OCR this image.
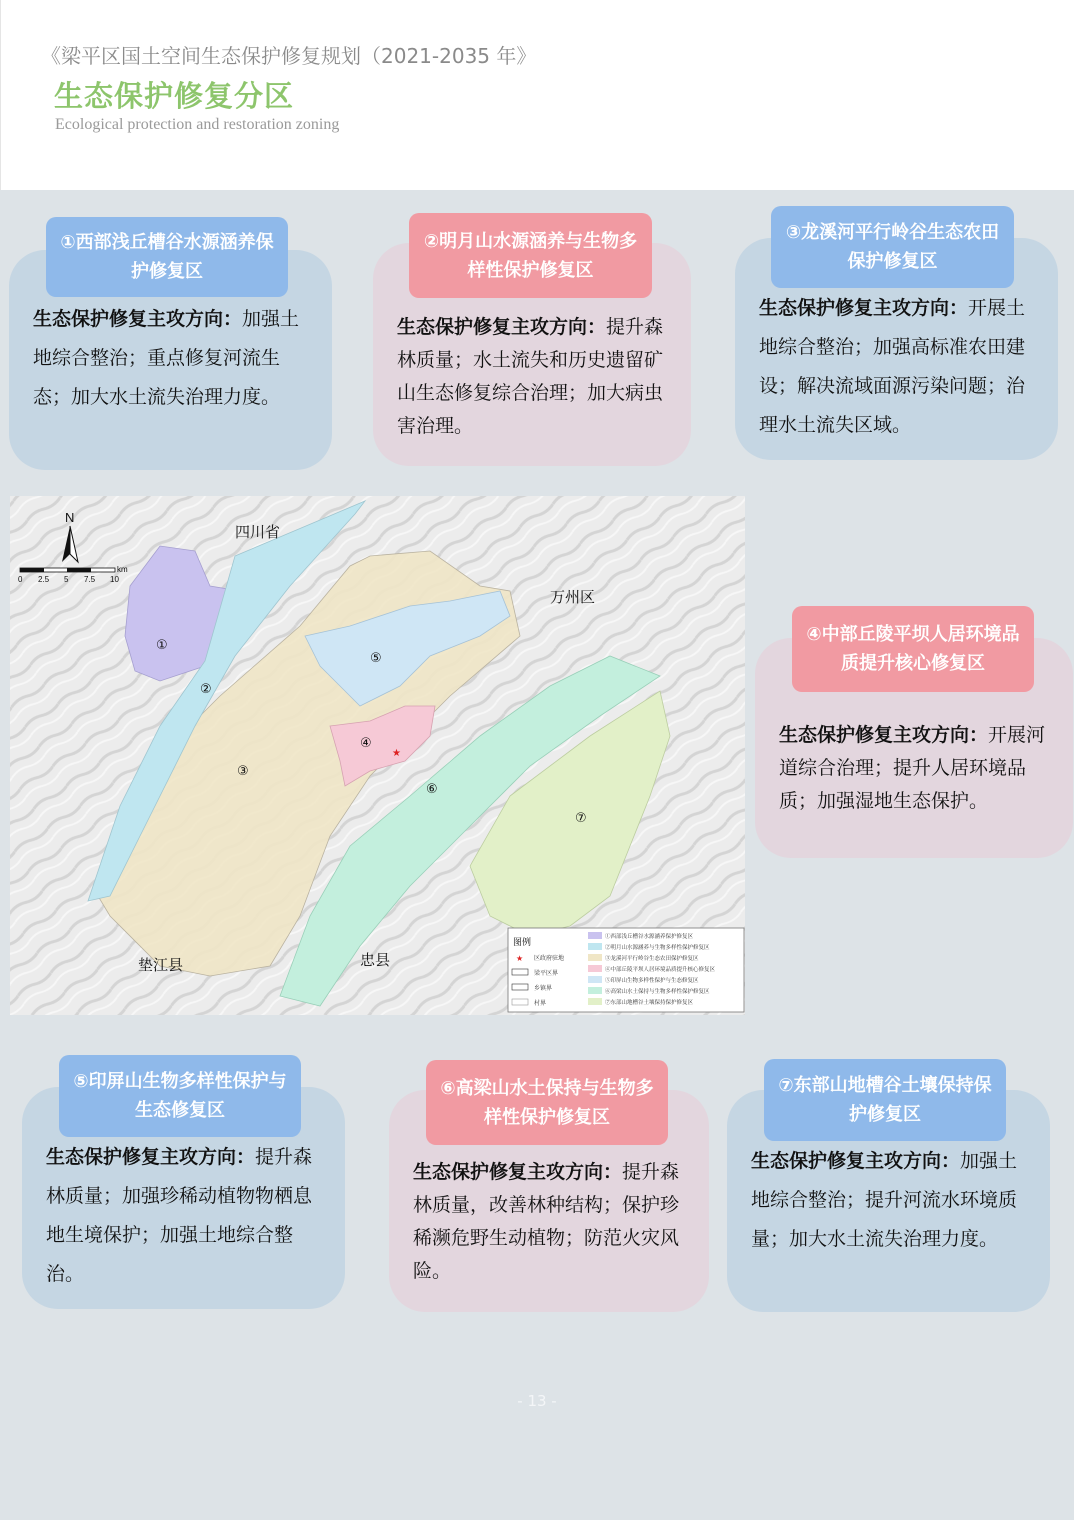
《梁平区国土空间生态保护修复规划（2021-2035 年》
生态保护修复分区
Ecological protection and restoration zoning
①西部浅丘槽谷水源涵养保护修复区
生态保护修复主攻方向：加强土地综合整治；重点修复河流生态；加大水土流失治理力度。
②明月山水源涵养与生物多样性保护修复区
生态保护修复主攻方向：提升森林质量；水土流失和历史遗留矿山生态修复综合治理；加大病虫害治理。
③龙溪河平行岭谷生态农田保护修复区
生态保护修复主攻方向：开展土地综合整治；加强高标准农田建设；解决流域面源污染问题；治理水土流失区域。
④中部丘陵平坝人居环境品质提升核心修复区
生态保护修复主攻方向：开展河道综合治理；提升人居环境品质；加强湿地生态保护。
⑤印屏山生物多样性保护与生态修复区
生态保护修复主攻方向：提升森林质量；加强珍稀动植物物栖息地生境保护；加强土地综合整治。
⑥高梁山水土保持与生物多样性保护修复区
生态保护修复主攻方向：提升森林质量，改善林种结构；保护珍稀濒危野生动植物；防范火灾风险。
⑦东部山地槽谷土壤保持保护修复区
生态保护修复主攻方向：加强土地综合整治；提升河流水环境质量；加大水土流失治理力度。
四川省
万州区
垫江县	忠县
①
②
③
④
⑤
⑥
⑦
★
N
0 2.5 5 7.5 10
km
图例
★ 区政府驻地
梁平区界
乡镇界
村界
①西部浅丘槽谷水源涵养保护修复区
②明月山水源涵养与生物多样性保护修复区
③龙溪河平行岭谷生态农田保护修复区
④中部丘陵平坝人居环境品质提升核心修复区
⑤印屏山生物多样性保护与生态修复区
⑥高梁山水土保持与生物多样性保护修复区
⑦东部山地槽谷土壤保持保护修复区
- 13 -
